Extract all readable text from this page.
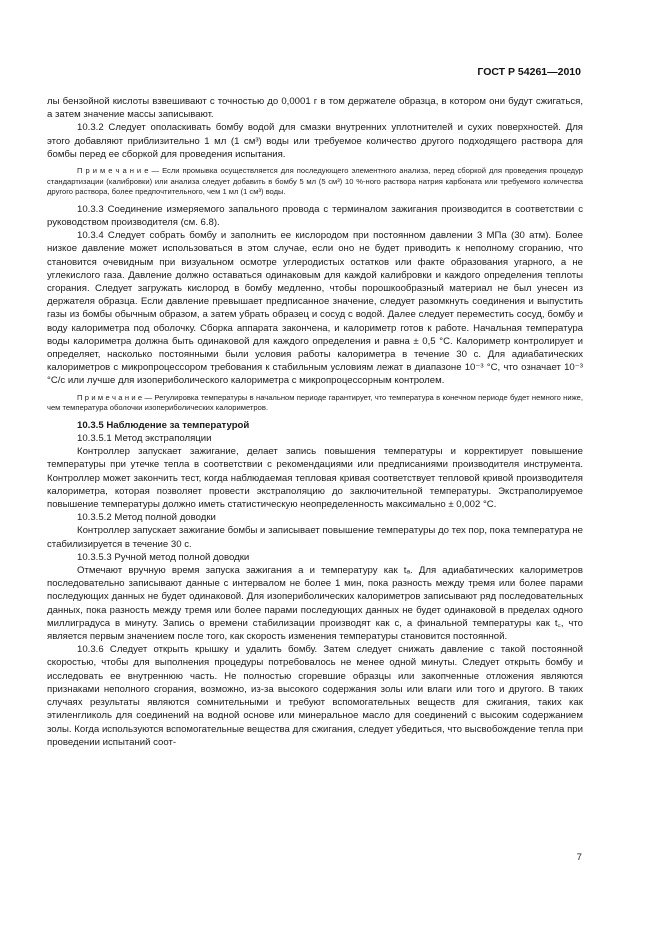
ГОСТ Р 54261—2010

лы бензойной кислоты взвешивают с точностью до 0,0001 г в том держателе образца, в котором они будут сжигаться, а затем значение массы записывают.

10.3.2 Следует ополаскивать бомбу водой для смазки внутренних уплотнителей и сухих поверхностей. Для этого добавляют приблизительно 1 мл (1 см³) воды или требуемое количество другого подходящего раствора для бомбы перед ее сборкой для проведения испытания.

П р и м е ч а н и е — Если промывка осуществляется для последующего элементного анализа, перед сборкой для проведения процедур стандартизации (калибровки) или анализа следует добавить в бомбу 5 мл (5 см³) 10 %-ного раствора натрия карбоната или требуемого количества другого раствора, более предпочтительного, чем 1 мл (1 см³) воды.

10.3.3 Соединение измеряемого запального провода с терминалом зажигания производится в соответствии с руководством производителя (см. 6.8).

10.3.4 Следует собрать бомбу и заполнить ее кислородом при постоянном давлении 3 МПа (30 атм). Более низкое давление может использоваться в этом случае, если оно не будет приводить к неполному сгоранию, что становится очевидным при визуальном осмотре углеродистых остатков или факте образования угарного, а не углекислого газа. Давление должно оставаться одинаковым для каждой калибровки и каждого определения теплоты сгорания. Следует загружать кислород в бомбу медленно, чтобы порошкообразный материал не был унесен из держателя образца. Если давление превышает предписанное значение, следует разомкнуть соединения и выпустить газы из бомбы обычным образом, а затем убрать образец и сосуд с водой. Далее следует переместить сосуд, бомбу и воду калориметра под оболочку. Сборка аппарата закончена, и калориметр готов к работе. Начальная температура воды калориметра должна быть одинаковой для каждого определения и равна ± 0,5 °С. Калориметр контролирует и определяет, насколько постоянными были условия работы калориметра в течение 30 с. Для адиабатических калориметров с микропроцессором требования к стабильным условиям лежат в диапазоне 10⁻³ °С, что означает 10⁻³ °С/с или лучше для изопериболического калориметра с микропроцессорным контролем.

П р и м е ч а н и е — Регулировка температуры в начальном периоде гарантирует, что температура в конечном периоде будет немного ниже, чем температура оболочки изопериболических калориметров.

10.3.5 Наблюдение за температурой

10.3.5.1 Метод экстраполяции

Контроллер запускает зажигание, делает запись повышения температуры и корректирует повышение температуры при утечке тепла в соответствии с рекомендациями или предписаниями производителя инструмента. Контроллер может закончить тест, когда наблюдаемая тепловая кривая соответствует тепловой кривой производителя калориметра, которая позволяет провести экстраполяцию до заключительной температуры. Экстраполируемое повышение температуры должно иметь статистическую неопределенность максимально ± 0,002 °С.

10.3.5.2 Метод полной доводки

Контроллер запускает зажигание бомбы и записывает повышение температуры до тех пор, пока температура не стабилизируется в течение 30 с.

10.3.5.3 Ручной метод полной доводки

Отмечают вручную время запуска зажигания a и температуру как tₐ. Для адиабатических калориметров последовательно записывают данные с интервалом не более 1 мин, пока разность между тремя или более парами последующих данных не будет одинаковой. Для изопериболических калориметров записывают ряд последовательных данных, пока разность между тремя или более парами последующих данных не будет одинаковой в пределах одного миллиградуса в минуту. Запись о времени стабилизации производят как c, а финальной температуры как t꜀, что является первым значением после того, как скорость изменения температуры становится постоянной.

10.3.6 Следует открыть крышку и удалить бомбу. Затем следует снижать давление с такой постоянной скоростью, чтобы для выполнения процедуры потребовалось не менее одной минуты. Следует открыть бомбу и исследовать ее внутреннюю часть. Не полностью сгоревшие образцы или закопченные отложения являются признаками неполного сгорания, возможно, из-за высокого содержания золы или влаги или того и другого. В таких случаях результаты являются сомнительными и требуют вспомогательных веществ для сжигания, таких как этиленгликоль для соединений на водной основе или минеральное масло для соединений с высоким содержанием золы. Когда используются вспомогательные вещества для сжигания, следует убедиться, что высвобождение тепла при проведении испытаний соот-

7
